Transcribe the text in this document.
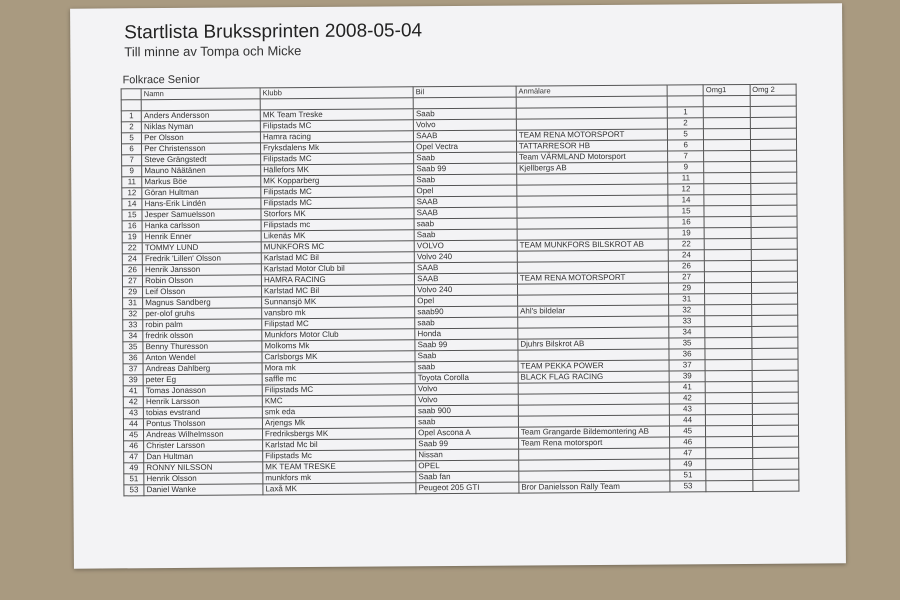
Startlista Brukssprinten 2008-05-04
Till minne av Tompa och Micke
Folkrace Senior
	Namn	Klubb	Bil	Anmälare		Omg1	Omg 2

1	Anders Andersson	MK Team Treske	Saab		1		
2	Niklas Nyman	Filipstads MC	Volvo		2		
5	Per Olsson	Hamra racing	SAAB	TEAM RENA MOTORSPORT	5		
6	Per Christensson	Fryksdalens Mk	Opel Vectra	TATTARRESOR HB	6		
7	Steve Grängstedt	Filipstads MC	Saab	Team VÄRMLAND Motorsport	7		
9	Mauno Näätänen	Hällefors MK	Saab 99	Kjellbergs AB	9		
11	Markus Böe	MK Kopparberg	Saab		11		
12	Göran Hultman	Filipstads MC	Opel		12		
14	Hans-Erik Lindén	Filipstads MC	SAAB		14		
15	Jesper Samuelsson	Storfors MK	SAAB		15		
16	Hanka carlsson	Filipstads mc	saab		16		
19	Henrik Enner	Likenäs MK	Saab		19		
22	TOMMY LUND	MUNKFORS MC	VOLVO	TEAM MUNKFORS BILSKROT AB	22		
24	Fredrik 'Lillen' Olsson	Karlstad MC Bil	Volvo 240		24		
26	Henrik Jansson	Karlstad Motor Club bil	SAAB		26		
27	Robin Olsson	HAMRA RACING	SAAB	TEAM RENA MOTORSPORT	27		
29	Leif Olsson	Karlstad MC Bil	Volvo 240		29		
31	Magnus Sandberg	Sunnansjö MK	Opel		31		
32	per-olof gruhs	vansbro mk	saab90	Ahl's bildelar	32		
33	robin palm	Filipstad MC	saab		33		
34	fredrik olsson	Munkfors Motor Club	Honda		34		
35	Benny Thuresson	Molkoms Mk	Saab 99	Djuhrs Bilskrot AB	35		
36	Anton Wendel	Carlsborgs MK	Saab		36		
37	Andreas Dahlberg	Mora mk	saab	TEAM PEKKA POWER	37		
39	peter Eg	saffle mc	Toyota Corolla	BLACK FLAG RACING	39		
41	Tomas Jonasson	Filipstads MC	Volvo		41		
42	Henrik Larsson	KMC	Volvo		42		
43	tobias evstrand	smk eda	saab 900		43		
44	Pontus Tholsson	Arjengs Mk	saab		44		
45	Andreas Wilhelmsson	Fredriksbergs MK	Opel Ascona A	Team Grangarde Bildemontering AB	45		
46	Christer Larsson	Karlstad Mc bil	Saab 99	Team Rena motorsport	46		
47	Dan Hultman	Filipstads Mc	Nissan		47		
49	RONNY NILSSON	MK TEAM TRESKE	OPEL		49		
51	Henrik Olsson	munkfors mk	Saab fan		51		
53	Daniel Wanke	Laxå MK	Peugeot 205 GTI	Bror Danielsson Rally Team	53		
